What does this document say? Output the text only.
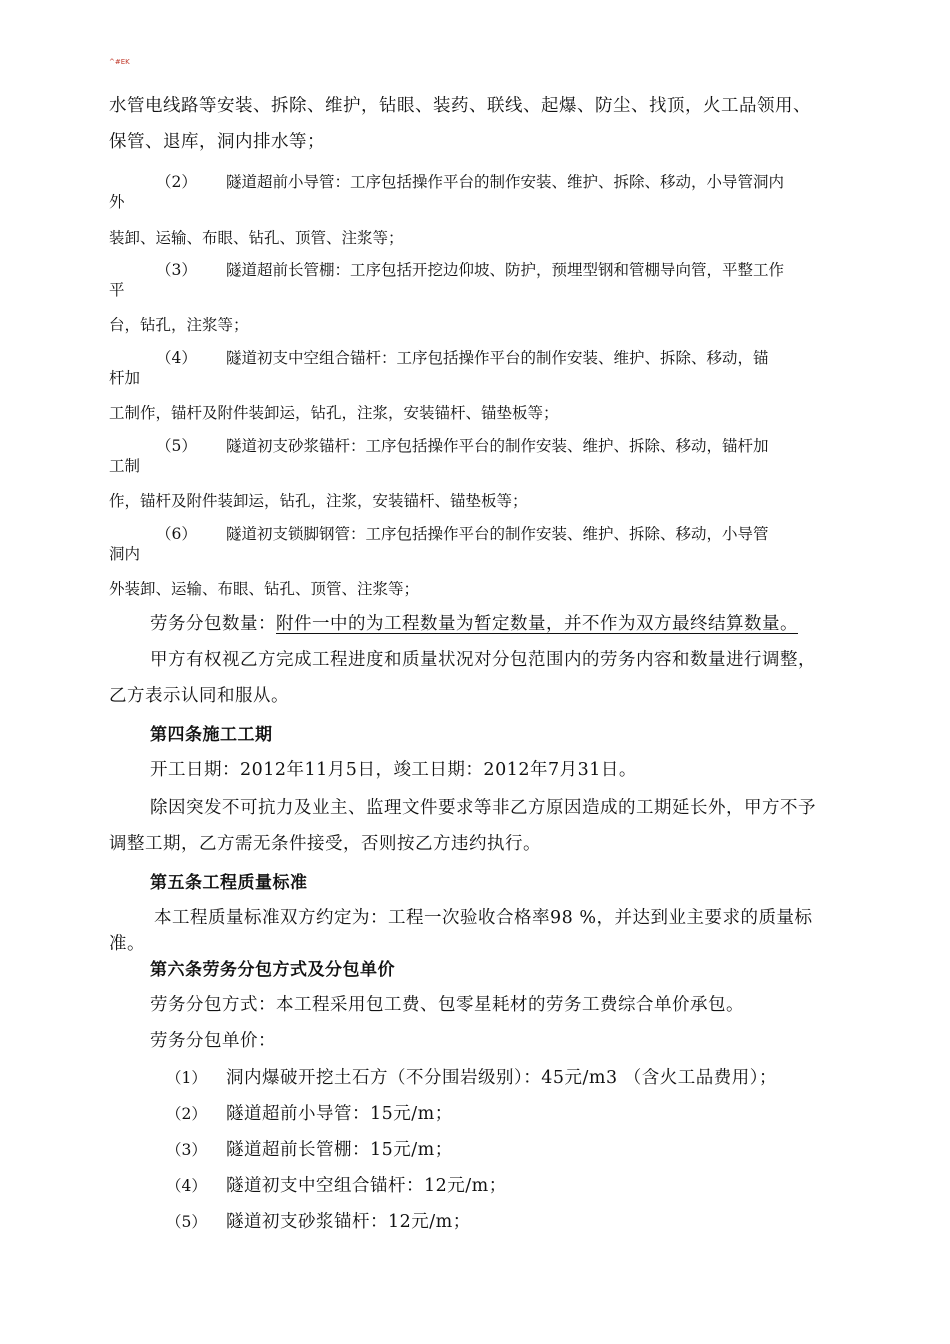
^#EK

水管电线路等安装、拆除、维护，钻眼、装药、联线、起爆、防尘、找顶，火工品领用、

保管、退库，洞内排水等；

（2） 隧道超前小导管：工序包括操作平台的制作安装、维护、拆除、移动，小导管洞内

外

装卸、运输、布眼、钻孔、顶管、注浆等；

（3） 隧道超前长管棚：工序包括开挖边仰坡、防护，预埋型钢和管棚导向管，平整工作

平

台，钻孔，注浆等；

（4） 隧道初支中空组合锚杆：工序包括操作平台的制作安装、维护、拆除、移动，锚

杆加

工制作，锚杆及附件装卸运，钻孔，注浆，安装锚杆、锚垫板等；

（5） 隧道初支砂浆锚杆：工序包括操作平台的制作安装、维护、拆除、移动，锚杆加

工制

作，锚杆及附件装卸运，钻孔，注浆，安装锚杆、锚垫板等；

（6） 隧道初支锁脚钢管：工序包括操作平台的制作安装、维护、拆除、移动，小导管

洞内

外装卸、运输、布眼、钻孔、顶管、注浆等；

劳务分包数量：附件一中的为工程数量为暂定数量，并不作为双方最终结算数量。

甲方有权视乙方完成工程进度和质量状况对分包范围内的劳务内容和数量进行调整，

乙方表示认同和服从。

第四条施工工期

开工日期：2012年11月5日，竣工日期：2012年7月31日。

除因突发不可抗力及业主、监理文件要求等非乙方原因造成的工期延长外，甲方不予

调整工期，乙方需无条件接受，否则按乙方违约执行。

第五条工程质量标准

本工程质量标准双方约定为：工程一次验收合格率98 %，并达到业主要求的质量标

准。

第六条劳务分包方式及分包单价

劳务分包方式：本工程采用包工费、包零星耗材的劳务工费综合单价承包。

劳务分包单价：

（1） 洞内爆破开挖土石方（不分围岩级别）：45元/m3 （含火工品费用）；

（2） 隧道超前小导管：15元/m；

（3） 隧道超前长管棚：15元/m；

（4） 隧道初支中空组合锚杆：12元/m；

（5） 隧道初支砂浆锚杆：12元/m；
